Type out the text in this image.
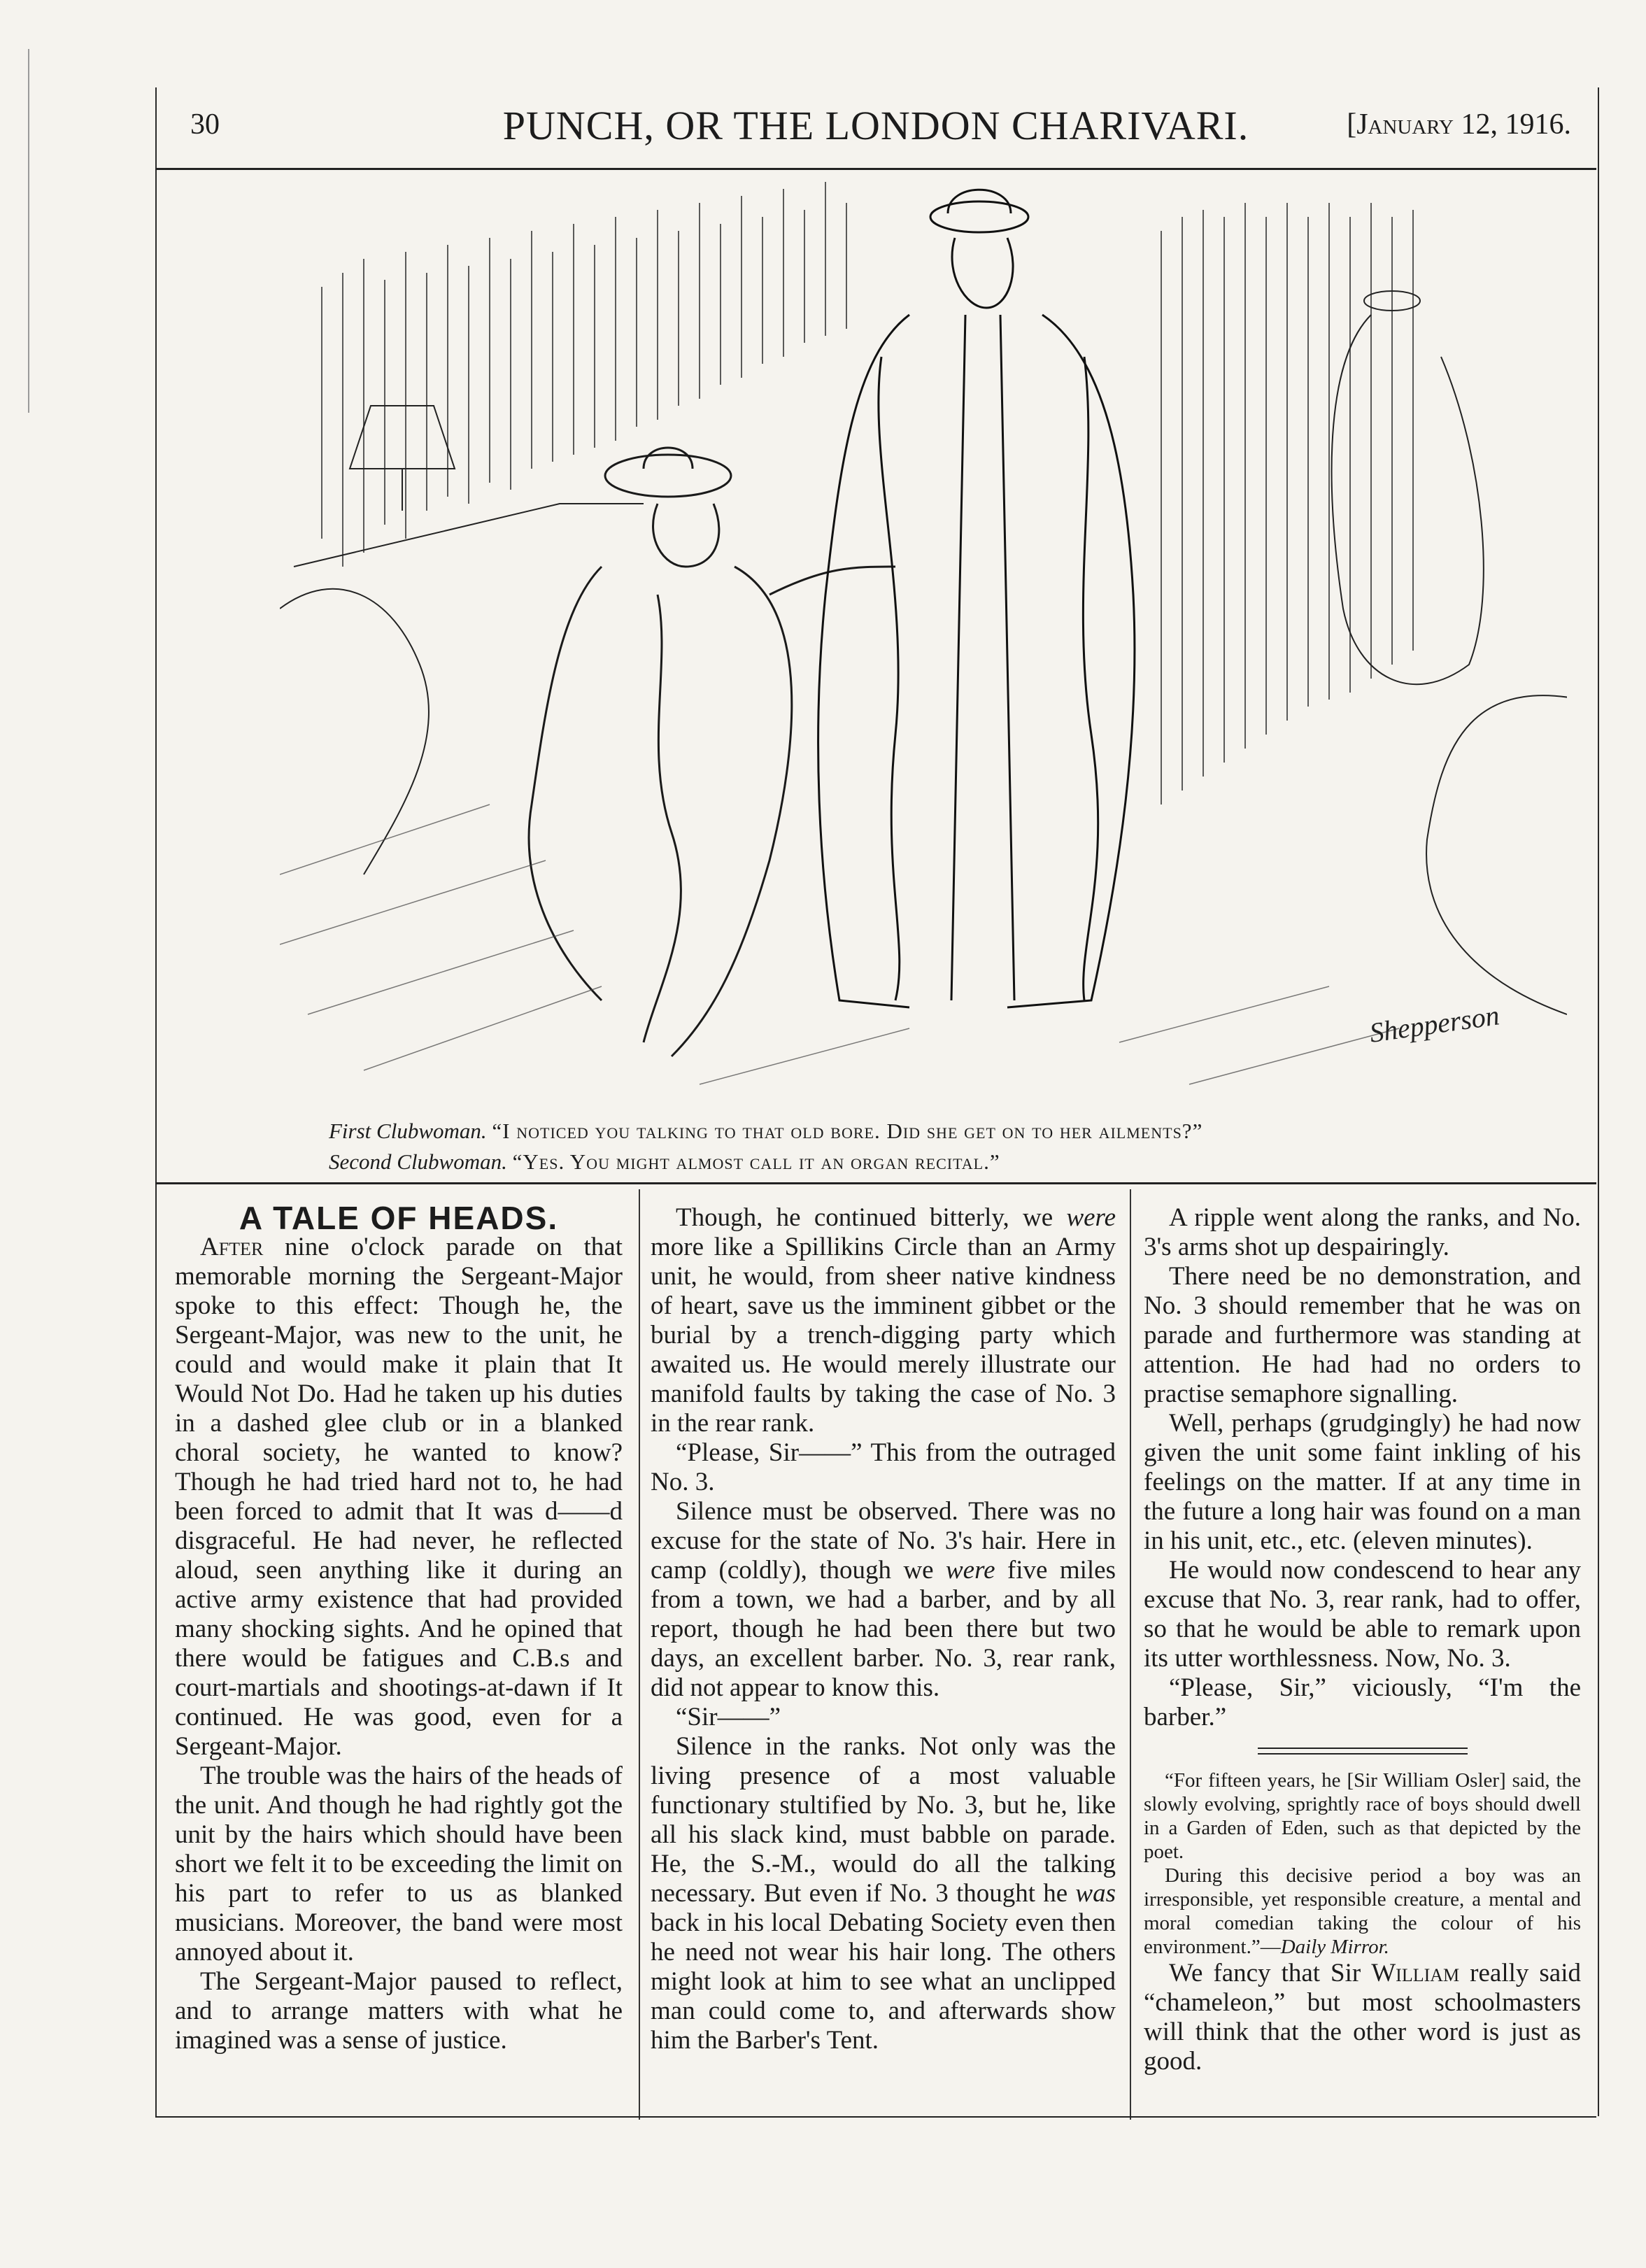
30	PUNCH, OR THE LONDON CHARIVARI.	[January 12, 1916.
Shepperson
First Clubwoman. “I noticed you talking to that old bore. Did she get on to her ailments?”
Second Clubwoman. “Yes. You might almost call it an organ recital.”

A TALE OF HEADS.

After nine o'clock parade on that memorable morning the Sergeant-Major spoke to this effect: Though he, the Sergeant-Major, was new to the unit, he could and would make it plain that It Would Not Do. Had he taken up his duties in a dashed glee club or in a blanked choral society, he wanted to know? Though he had tried hard not to, he had been forced to admit that It was d——d disgraceful. He had never, he reflected aloud, seen anything like it during an active army existence that had provided many shocking sights. And he opined that there would be fatigues and C.B.s and court-martials and shootings-at-dawn if It continued. He was good, even for a Sergeant-Major.

The trouble was the hairs of the heads of the unit. And though he had rightly got the unit by the hairs which should have been short we felt it to be exceeding the limit on his part to refer to us as blanked musicians. Moreover, the band were most annoyed about it.

The Sergeant-Major paused to reflect, and to arrange matters with what he imagined was a sense of justice.

Though, he continued bitterly, we were more like a Spillikins Circle than an Army unit, he would, from sheer native kindness of heart, save us the imminent gibbet or the burial by a trench-digging party which awaited us. He would merely illustrate our manifold faults by taking the case of No. 3 in the rear rank.

“Please, Sir——” This from the outraged No. 3.

Silence must be observed. There was no excuse for the state of No. 3's hair. Here in camp (coldly), though we were five miles from a town, we had a barber, and by all report, though he had been there but two days, an excellent barber. No. 3, rear rank, did not appear to know this.

“Sir——”

Silence in the ranks. Not only was the living presence of a most valuable functionary stultified by No. 3, but he, like all his slack kind, must babble on parade. He, the S.-M., would do all the talking necessary. But even if No. 3 thought he was back in his local Debating Society even then he need not wear his hair long. The others might look at him to see what an unclipped man could come to, and afterwards show him the Barber's Tent.

A ripple went along the ranks, and No. 3's arms shot up despairingly.

There need be no demonstration, and No. 3 should remember that he was on parade and furthermore was standing at attention. He had had no orders to practise semaphore signalling.

Well, perhaps (grudgingly) he had now given the unit some faint inkling of his feelings on the matter. If at any time in the future a long hair was found on a man in his unit, etc., etc. (eleven minutes).

He would now condescend to hear any excuse that No. 3, rear rank, had to offer, so that he would be able to remark upon its utter worthlessness. Now, No. 3.

“Please, Sir,” viciously, “I'm the barber.”

“For fifteen years, he [Sir William Osler] said, the slowly evolving, sprightly race of boys should dwell in a Garden of Eden, such as that depicted by the poet.

During this decisive period a boy was an irresponsible, yet responsible creature, a mental and moral comedian taking the colour of his environment.”—Daily Mirror.

We fancy that Sir William really said “chameleon,” but most schoolmasters will think that the other word is just as good.
